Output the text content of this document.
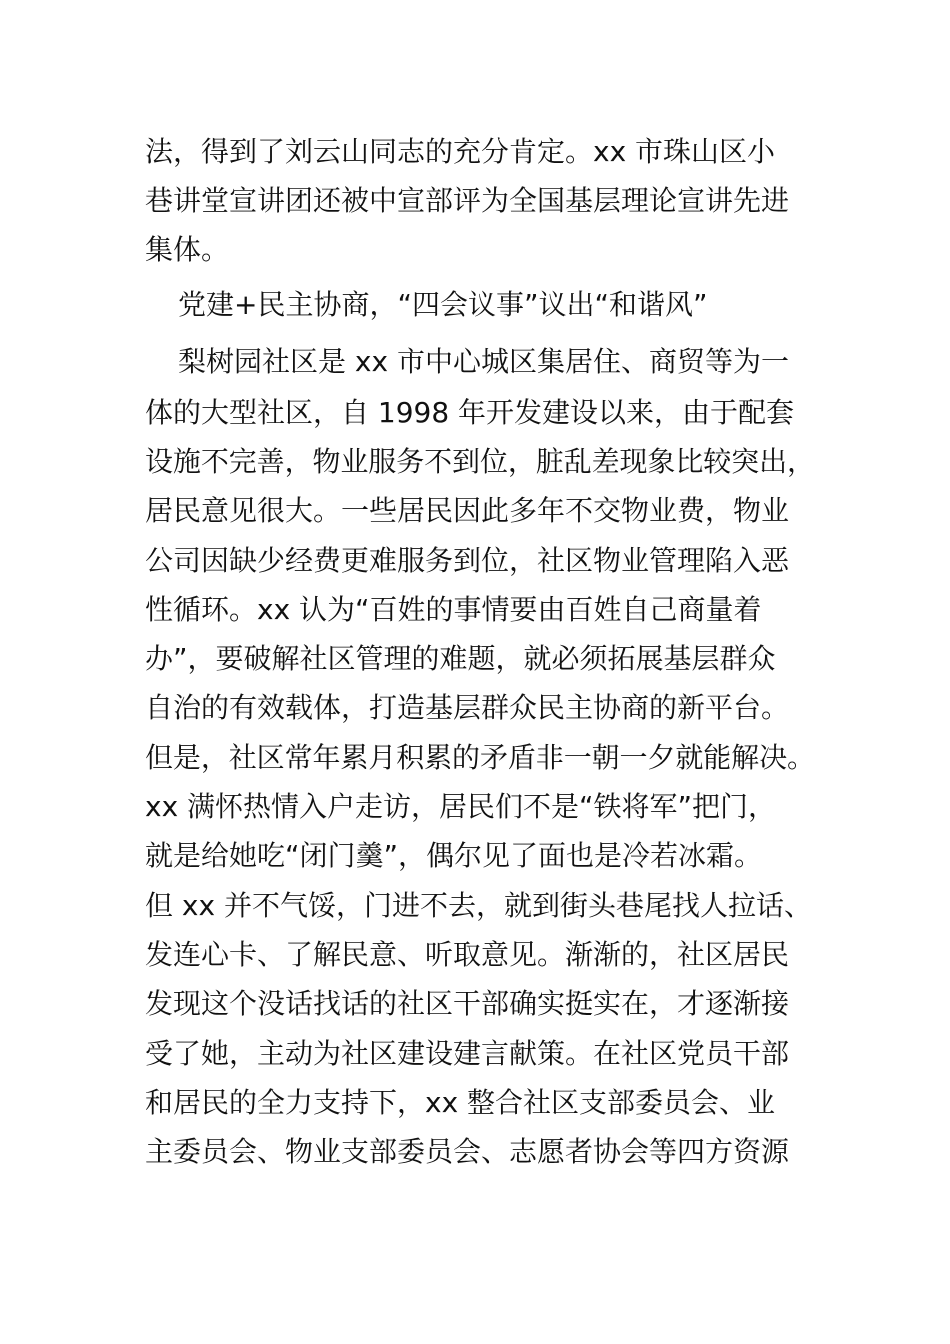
法，得到了刘云山同志的充分肯定。xx 市珠山区小
巷讲堂宣讲团还被中宣部评为全国基层理论宣讲先进
集体。
党建+民主协商，“四会议事”议出“和谐风”
梨树园社区是 xx 市中心城区集居住、商贸等为一
体的大型社区，自 1998 年开发建设以来，由于配套
设施不完善，物业服务不到位，脏乱差现象比较突出，
居民意见很大。一些居民因此多年不交物业费，物业
公司因缺少经费更难服务到位，社区物业管理陷入恶
性循环。xx 认为“百姓的事情要由百姓自己商量着
办”，要破解社区管理的难题，就必须拓展基层群众
自治的有效载体，打造基层群众民主协商的新平台。
但是，社区常年累月积累的矛盾非一朝一夕就能解决。
xx 满怀热情入户走访，居民们不是“铁将军”把门，
就是给她吃“闭门羹”，偶尔见了面也是冷若冰霜。
但 xx 并不气馁，门进不去，就到街头巷尾找人拉话、
发连心卡、了解民意、听取意见。渐渐的，社区居民
发现这个没话找话的社区干部确实挺实在，才逐渐接
受了她，主动为社区建设建言献策。在社区党员干部
和居民的全力支持下，xx 整合社区支部委员会、业
主委员会、物业支部委员会、志愿者协会等四方资源
